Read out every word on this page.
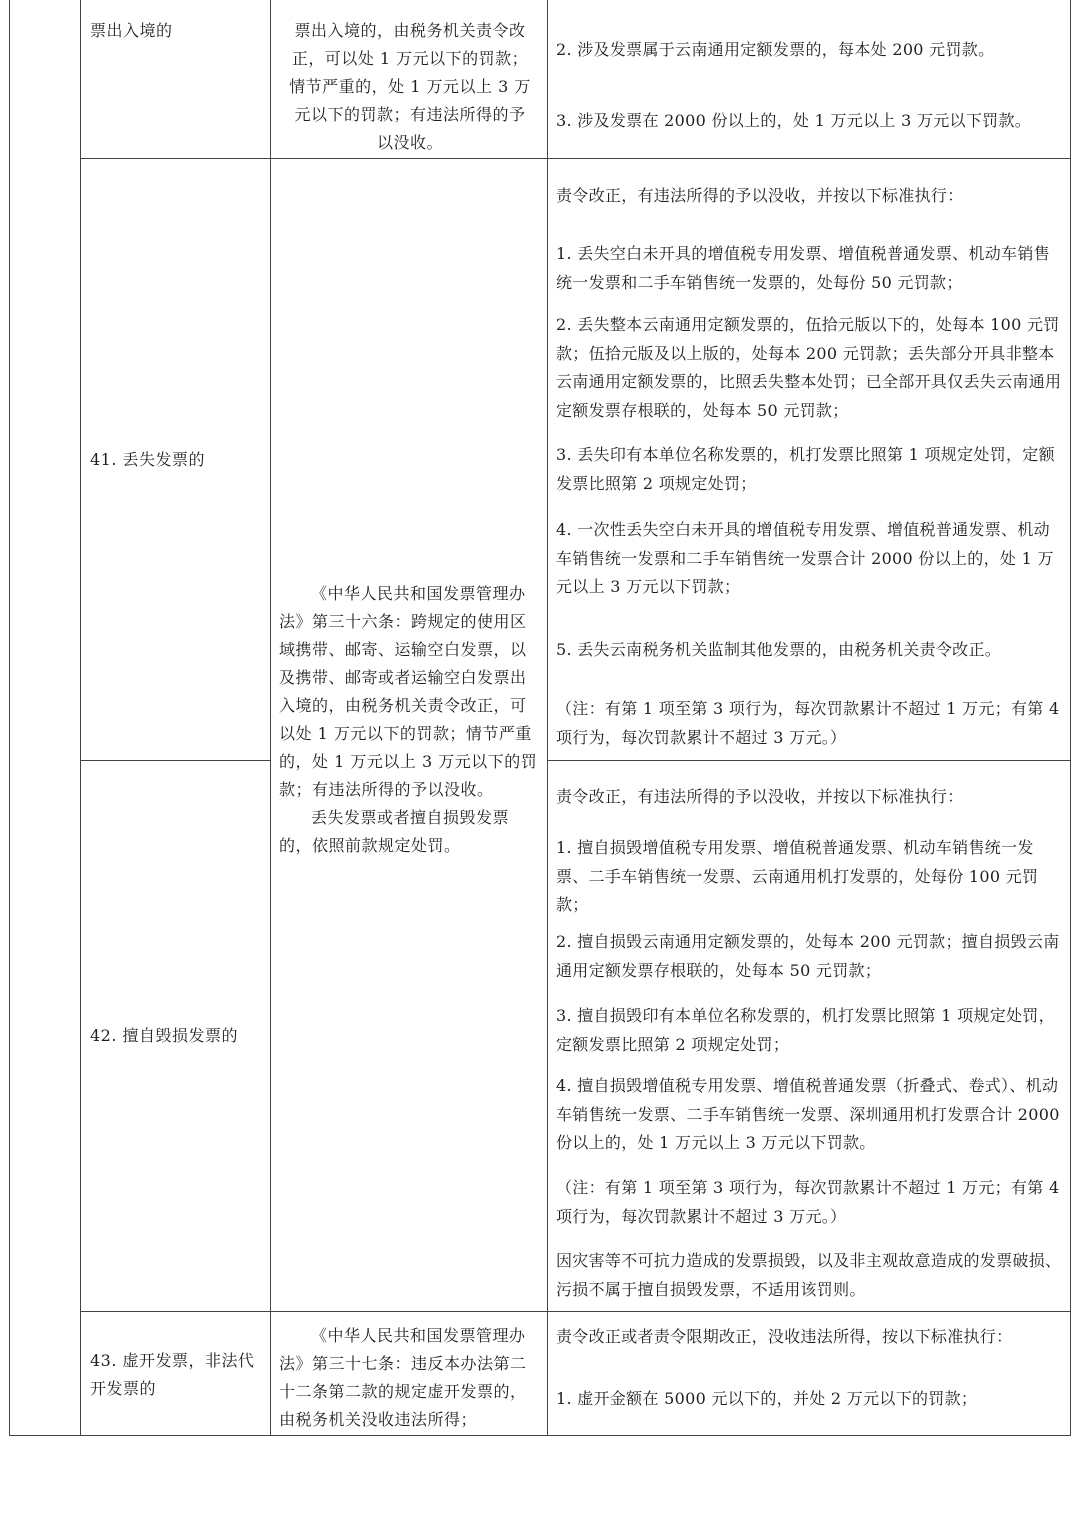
票出入境的	票出入境的，由税务机关责令改

正，可以处 1 万元以下的罚款；

情节严重的，处 1 万元以上 3 万

元以下的罚款；有违法所得的予

以没收。

2. 涉及发票属于云南通用定额发票的，每本处 200 元罚款。

3. 涉及发票在 2000 份以上的，处 1 万元以上 3 万元以下罚款。

41. 丢失发票的

责令改正，有违法所得的予以没收，并按以下标准执行：

1. 丢失空白未开具的增值税专用发票、增值税普通发票、机动车销售统一发票和二手车销售统一发票的，处每份 50 元罚款；

2. 丢失整本云南通用定额发票的，伍拾元版以下的，处每本 100 元罚款；伍拾元版及以上版的，处每本 200 元罚款；丢失部分开具非整本云南通用定额发票的，比照丢失整本处罚；已全部开具仅丢失云南通用定额发票存根联的，处每本 50 元罚款；

3. 丢失印有本单位名称发票的，机打发票比照第 1 项规定处罚，定额发票比照第 2 项规定处罚；

4. 一次性丢失空白未开具的增值税专用发票、增值税普通发票、机动车销售统一发票和二手车销售统一发票合计 2000 份以上的，处 1 万元以上 3 万元以下罚款；

5. 丢失云南税务机关监制其他发票的，由税务机关责令改正。

（注：有第 1 项至第 3 项行为，每次罚款累计不超过 1 万元；有第 4 项行为，每次罚款累计不超过 3 万元。）

《中华人民共和国发票管理办法》第三十六条：跨规定的使用区域携带、邮寄、运输空白发票，以及携带、邮寄或者运输空白发票出入境的，由税务机关责令改正，可以处 1 万元以下的罚款；情节严重的，处 1 万元以上 3 万元以下的罚款；有违法所得的予以没收。

丢失发票或者擅自损毁发票的，依照前款规定处罚。

42. 擅自毁损发票的

责令改正，有违法所得的予以没收，并按以下标准执行：

1. 擅自损毁增值税专用发票、增值税普通发票、机动车销售统一发票、二手车销售统一发票、云南通用机打发票的，处每份 100 元罚款；

2. 擅自损毁云南通用定额发票的，处每本 200 元罚款；擅自损毁云南通用定额发票存根联的，处每本 50 元罚款；

3. 擅自损毁印有本单位名称发票的，机打发票比照第 1 项规定处罚，定额发票比照第 2 项规定处罚；

4. 擅自损毁增值税专用发票、增值税普通发票（折叠式、卷式）、机动车销售统一发票、二手车销售统一发票、深圳通用机打发票合计 2000 份以上的，处 1 万元以上 3 万元以下罚款。

（注：有第 1 项至第 3 项行为，每次罚款累计不超过 1 万元；有第 4 项行为，每次罚款累计不超过 3 万元。）

因灾害等不可抗力造成的发票损毁，以及非主观故意造成的发票破损、污损不属于擅自损毁发票，不适用该罚则。

43. 虚开发票，非法代开发票的

《中华人民共和国发票管理办法》第三十七条：违反本办法第二十二条第二款的规定虚开发票的，由税务机关没收违法所得；

责令改正或者责令限期改正，没收违法所得，按以下标准执行：

1. 虚开金额在 5000 元以下的，并处 2 万元以下的罚款；
